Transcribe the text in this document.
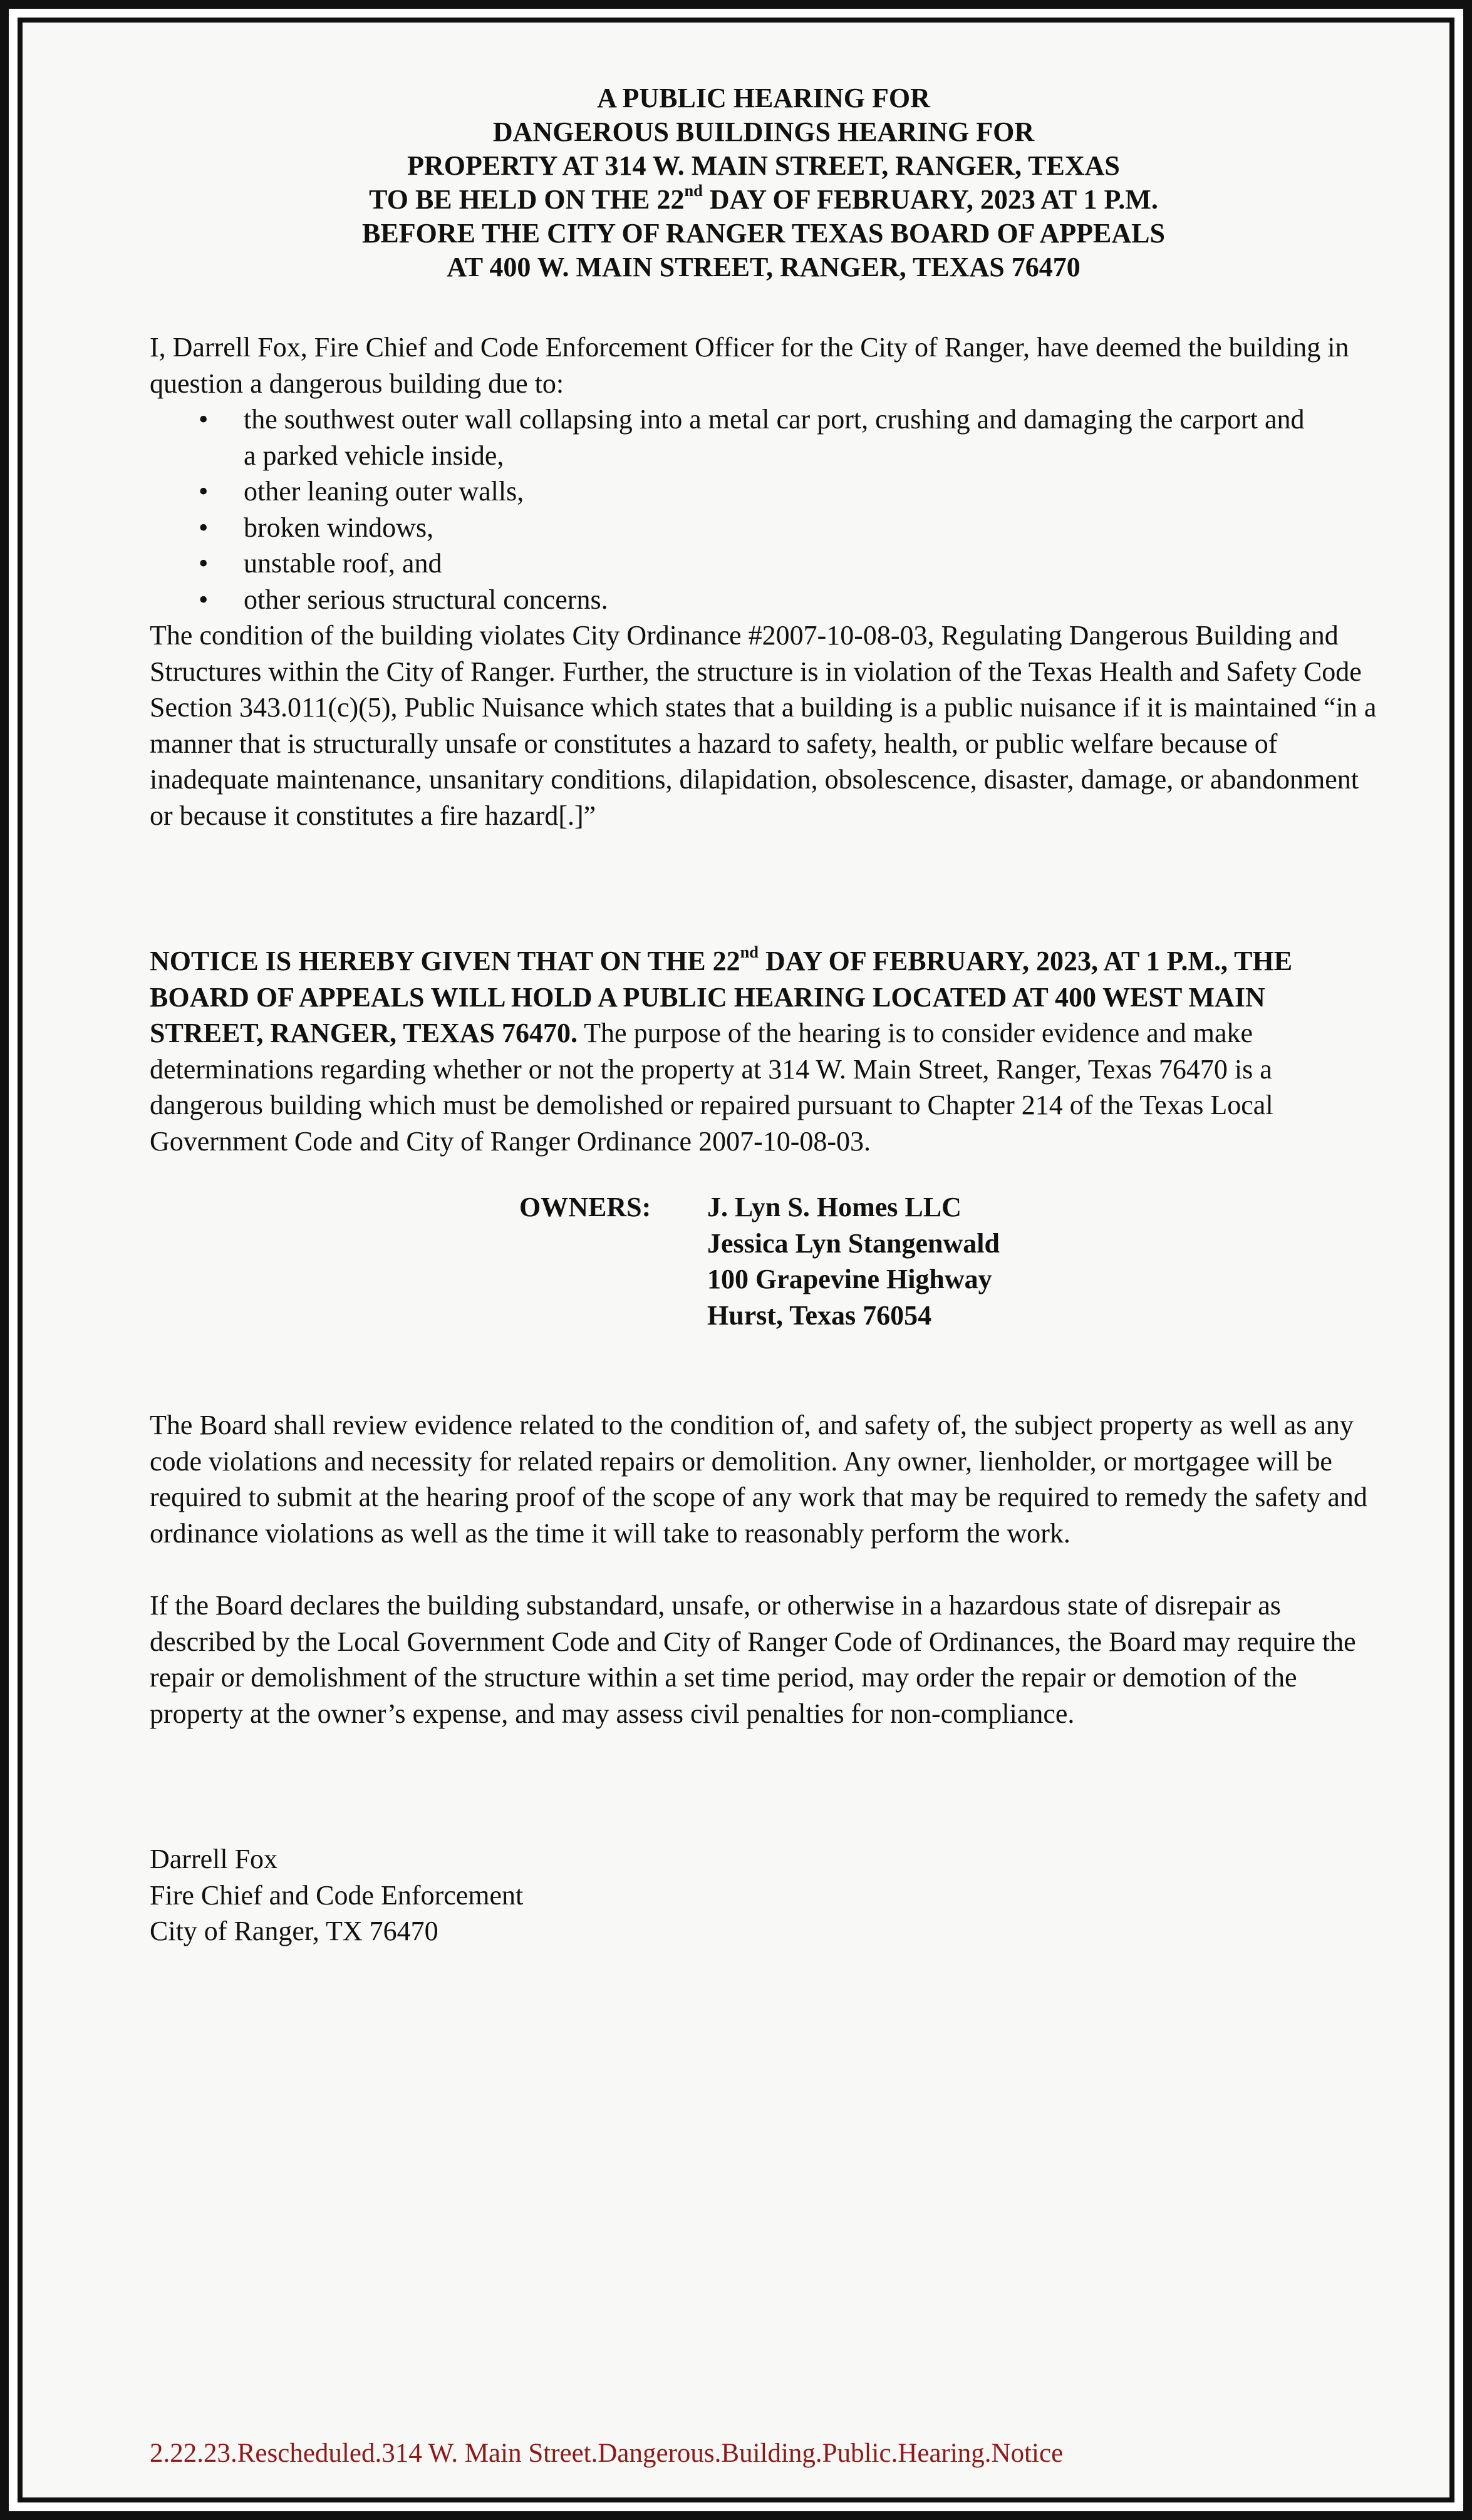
A PUBLIC HEARING FOR
DANGEROUS BUILDINGS HEARING FOR
PROPERTY AT 314 W. MAIN STREET, RANGER, TEXAS
TO BE HELD ON THE 22nd DAY OF FEBRUARY, 2023 AT 1 P.M.
BEFORE THE CITY OF RANGER TEXAS BOARD OF APPEALS
AT 400 W. MAIN STREET, RANGER, TEXAS 76470

I, Darrell Fox, Fire Chief and Code Enforcement Officer for the City of Ranger, have deemed the building in question a dangerous building due to:

• the southwest outer wall collapsing into a metal car port, crushing and damaging the carport and a parked vehicle inside,
• other leaning outer walls,
• broken windows,
• unstable roof, and
• other serious structural concerns.

The condition of the building violates City Ordinance #2007-10-08-03, Regulating Dangerous Building and Structures within the City of Ranger. Further, the structure is in violation of the Texas Health and Safety Code Section 343.011(c)(5), Public Nuisance which states that a building is a public nuisance if it is maintained “in a manner that is structurally unsafe or constitutes a hazard to safety, health, or public welfare because of inadequate maintenance, unsanitary conditions, dilapidation, obsolescence, disaster, damage, or abandonment or because it constitutes a fire hazard[.]”

NOTICE IS HEREBY GIVEN THAT ON THE 22nd DAY OF FEBRUARY, 2023, AT 1 P.M., THE BOARD OF APPEALS WILL HOLD A PUBLIC HEARING LOCATED AT 400 WEST MAIN STREET, RANGER, TEXAS 76470. The purpose of the hearing is to consider evidence and make determinations regarding whether or not the property at 314 W. Main Street, Ranger, Texas 76470 is a dangerous building which must be demolished or repaired pursuant to Chapter 214 of the Texas Local Government Code and City of Ranger Ordinance 2007-10-08-03.

OWNERS:	J. Lyn S. Homes LLC
Jessica Lyn Stangenwald
100 Grapevine Highway
Hurst, Texas 76054

The Board shall review evidence related to the condition of, and safety of, the subject property as well as any code violations and necessity for related repairs or demolition. Any owner, lienholder, or mortgagee will be required to submit at the hearing proof of the scope of any work that may be required to remedy the safety and ordinance violations as well as the time it will take to reasonably perform the work.

If the Board declares the building substandard, unsafe, or otherwise in a hazardous state of disrepair as described by the Local Government Code and City of Ranger Code of Ordinances, the Board may require the repair or demolishment of the structure within a set time period, may order the repair or demotion of the property at the owner’s expense, and may assess civil penalties for non-compliance.

Darrell Fox
Fire Chief and Code Enforcement
City of Ranger, TX 76470
2.22.23.Rescheduled.314 W. Main Street.Dangerous.Building.Public.Hearing.Notice
